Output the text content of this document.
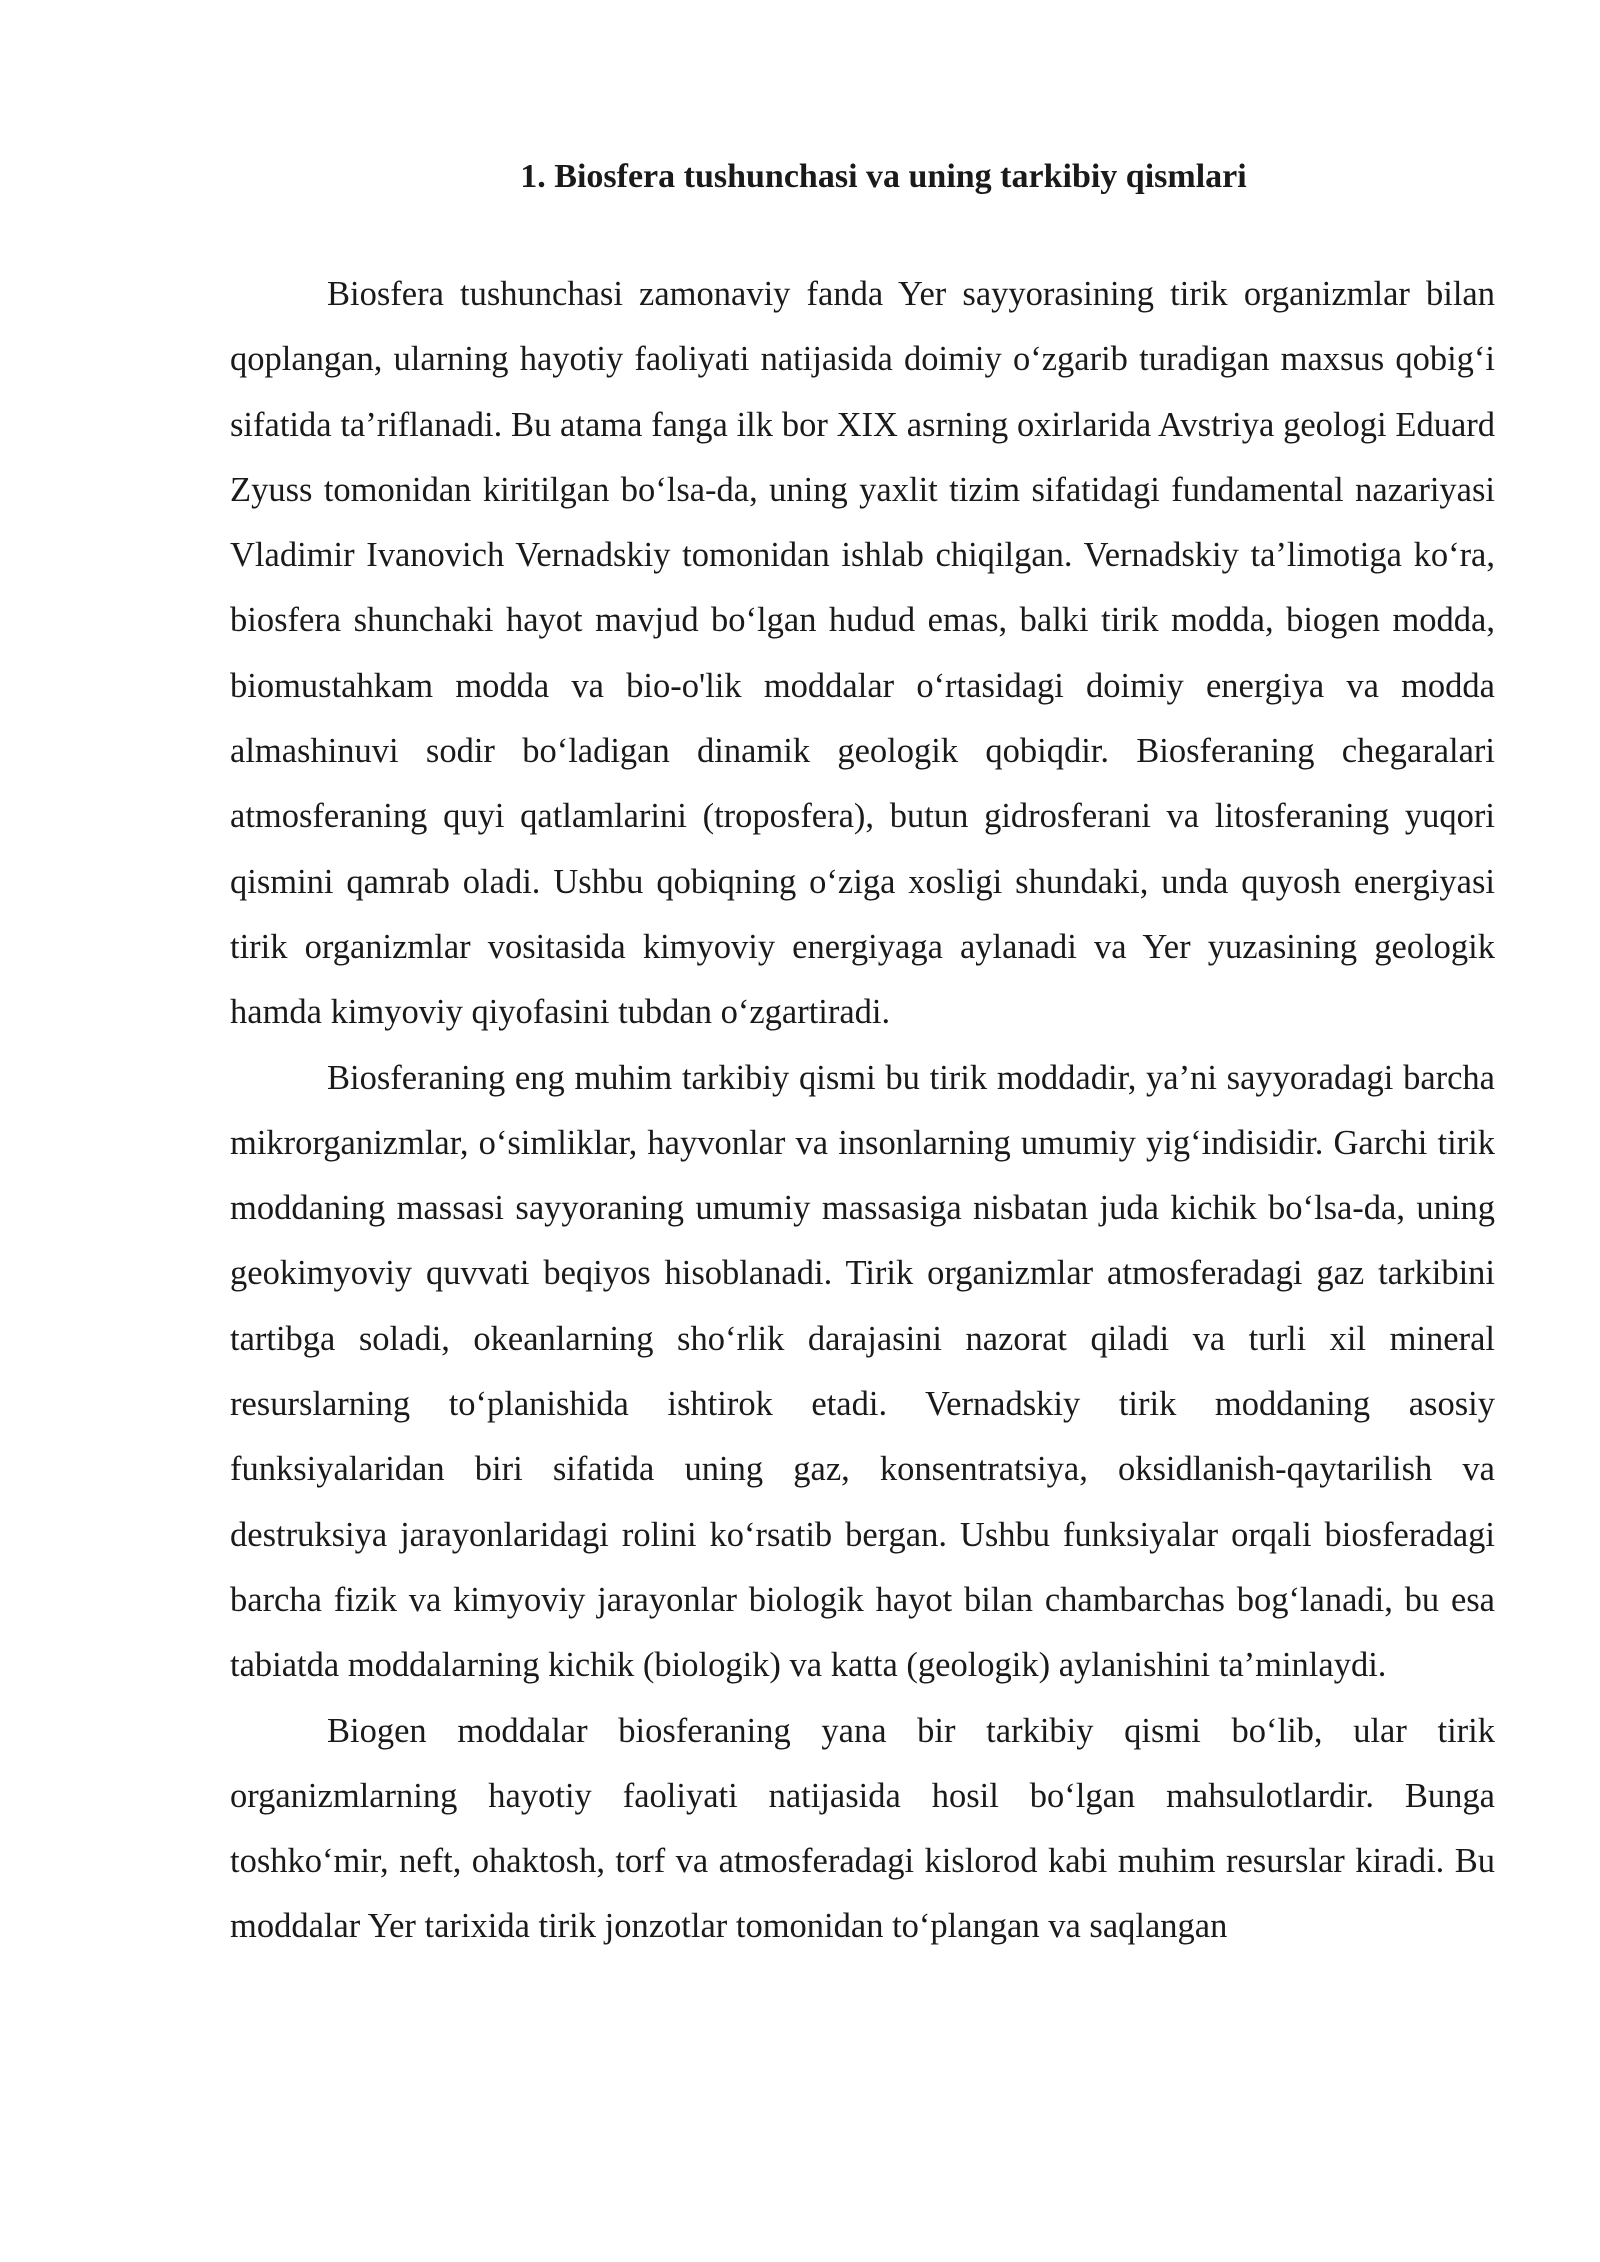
1. Biosfera tushunchasi va uning tarkibiy qismlari

Biosfera tushunchasi zamonaviy fanda Yer sayyorasining tirik organizmlar bilan qoplangan, ularning hayotiy faoliyati natijasida doimiy o‘zgarib turadigan maxsus qobig‘i sifatida ta’riflanadi. Bu atama fanga ilk bor XIX asrning oxirlarida Avstriya geologi Eduard Zyuss tomonidan kiritilgan bo‘lsa-da, uning yaxlit tizim sifatidagi fundamental nazariyasi Vladimir Ivanovich Vernadskiy tomonidan ishlab chiqilgan. Vernadskiy ta’limotiga ko‘ra, biosfera shunchaki hayot mavjud bo‘lgan hudud emas, balki tirik modda, biogen modda, biomustahkam modda va bio-o'lik moddalar o‘rtasidagi doimiy energiya va modda almashinuvi sodir bo‘ladigan dinamik geologik qobiqdir. Biosferaning chegaralari atmosferaning quyi qatlamlarini (troposfera), butun gidrosferani va litosferaning yuqori qismini qamrab oladi. Ushbu qobiqning o‘ziga xosligi shundaki, unda quyosh energiyasi tirik organizmlar vositasida kimyoviy energiyaga aylanadi va Yer yuzasining geologik hamda kimyoviy qiyofasini tubdan o‘zgartiradi.

Biosferaning eng muhim tarkibiy qismi bu tirik moddadir, ya’ni sayyoradagi barcha mikrorganizmlar, o‘simliklar, hayvonlar va insonlarning umumiy yig‘indisidir. Garchi tirik moddaning massasi sayyoraning umumiy massasiga nisbatan juda kichik bo‘lsa-da, uning geokimyoviy quvvati beqiyos hisoblanadi. Tirik organizmlar atmosferadagi gaz tarkibini tartibga soladi, okeanlarning sho‘rlik darajasini nazorat qiladi va turli xil mineral resurslarning to‘planishida ishtirok etadi. Vernadskiy tirik moddaning asosiy funksiyalaridan biri sifatida uning gaz, konsentratsiya, oksidlanish-qaytarilish va destruksiya jarayonlaridagi rolini ko‘rsatib bergan. Ushbu funksiyalar orqali biosferadagi barcha fizik va kimyoviy jarayonlar biologik hayot bilan chambarchas bog‘lanadi, bu esa tabiatda moddalarning kichik (biologik) va katta (geologik) aylanishini ta’minlaydi.

Biogen moddalar biosferaning yana bir tarkibiy qismi bo‘lib, ular tirik organizmlarning hayotiy faoliyati natijasida hosil bo‘lgan mahsulotlardir. Bunga toshko‘mir, neft, ohaktosh, torf va atmosferadagi kislorod kabi muhim resurslar kiradi. Bu moddalar Yer tarixida tirik jonzotlar tomonidan to‘plangan va saqlangan
